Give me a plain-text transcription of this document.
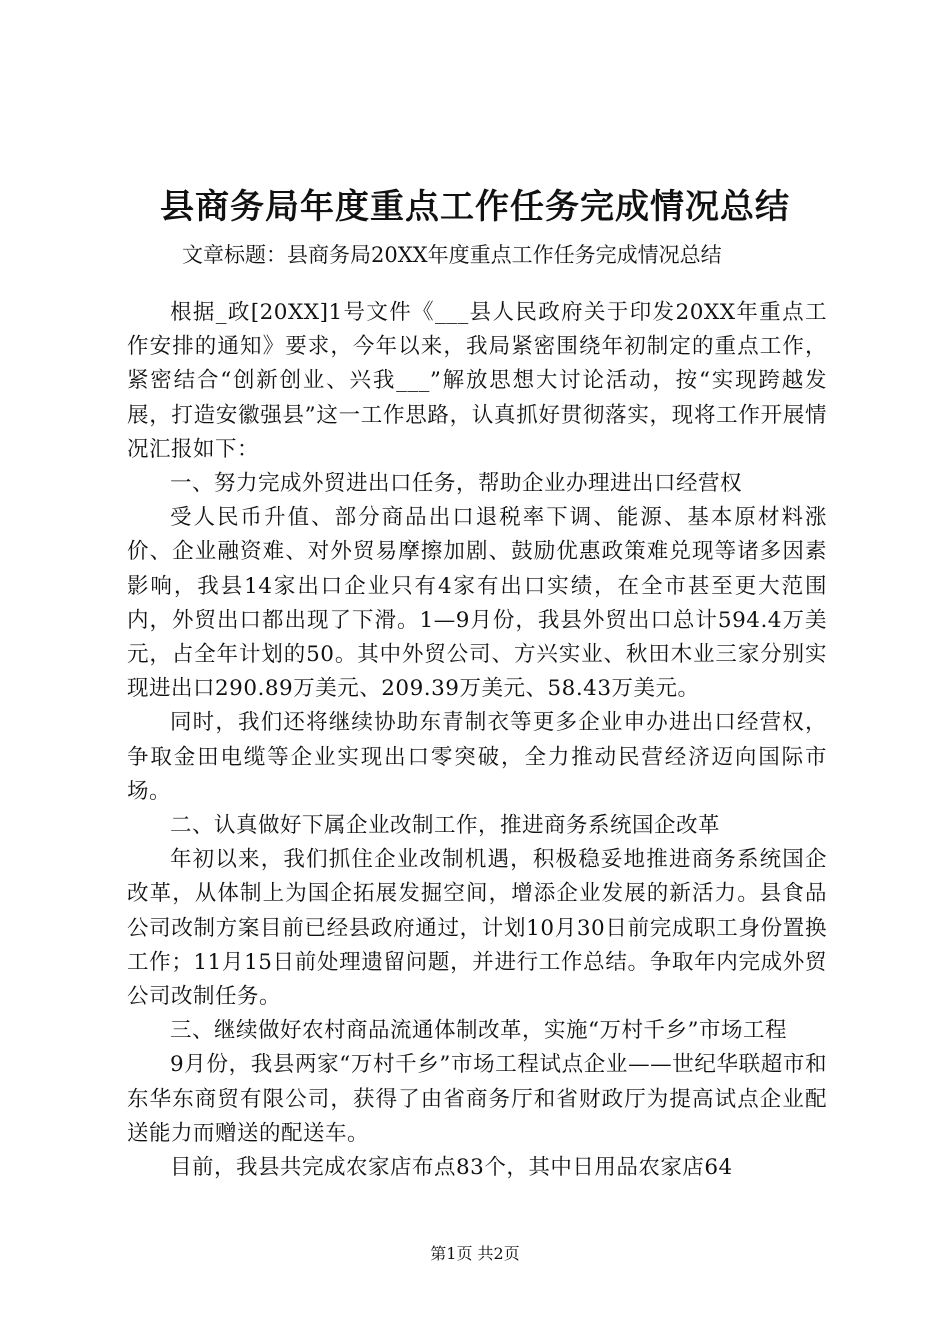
县商务局年度重点工作任务完成情况总结
文章标题：县商务局20XX年度重点工作任务完成情况总结

根据_政[20XX]1号文件《___县人民政府关于印发20XX年重点工作安排的通知》要求，今年以来，我局紧密围绕年初制定的重点工作，紧密结合“创新创业、兴我___”解放思想大讨论活动，按“实现跨越发展，打造安徽强县”这一工作思路，认真抓好贯彻落实，现将工作开展情况汇报如下：

一、努力完成外贸进出口任务，帮助企业办理进出口经营权

受人民币升值、部分商品出口退税率下调、能源、基本原材料涨价、企业融资难、对外贸易摩擦加剧、鼓励优惠政策难兑现等诸多因素影响，我县14家出口企业只有4家有出口实绩，在全市甚至更大范围内，外贸出口都出现了下滑。1—9月份，我县外贸出口总计594.4万美元，占全年计划的50。其中外贸公司、方兴实业、秋田木业三家分别实现进出口290.89万美元、209.39万美元、58.43万美元。

同时，我们还将继续协助东青制衣等更多企业申办进出口经营权，争取金田电缆等企业实现出口零突破，全力推动民营经济迈向国际市场。

二、认真做好下属企业改制工作，推进商务系统国企改革

年初以来，我们抓住企业改制机遇，积极稳妥地推进商务系统国企改革，从体制上为国企拓展发掘空间，增添企业发展的新活力。县食品公司改制方案目前已经县政府通过，计划10月30日前完成职工身份置换工作；11月15日前处理遗留问题，并进行工作总结。争取年内完成外贸公司改制任务。

三、继续做好农村商品流通体制改革，实施“万村千乡”市场工程

9月份，我县两家“万村千乡”市场工程试点企业——世纪华联超市和东华东商贸有限公司，获得了由省商务厅和省财政厅为提高试点企业配送能力而赠送的配送车。

目前，我县共完成农家店布点83个，其中日用品农家店64

第1页 共2页
